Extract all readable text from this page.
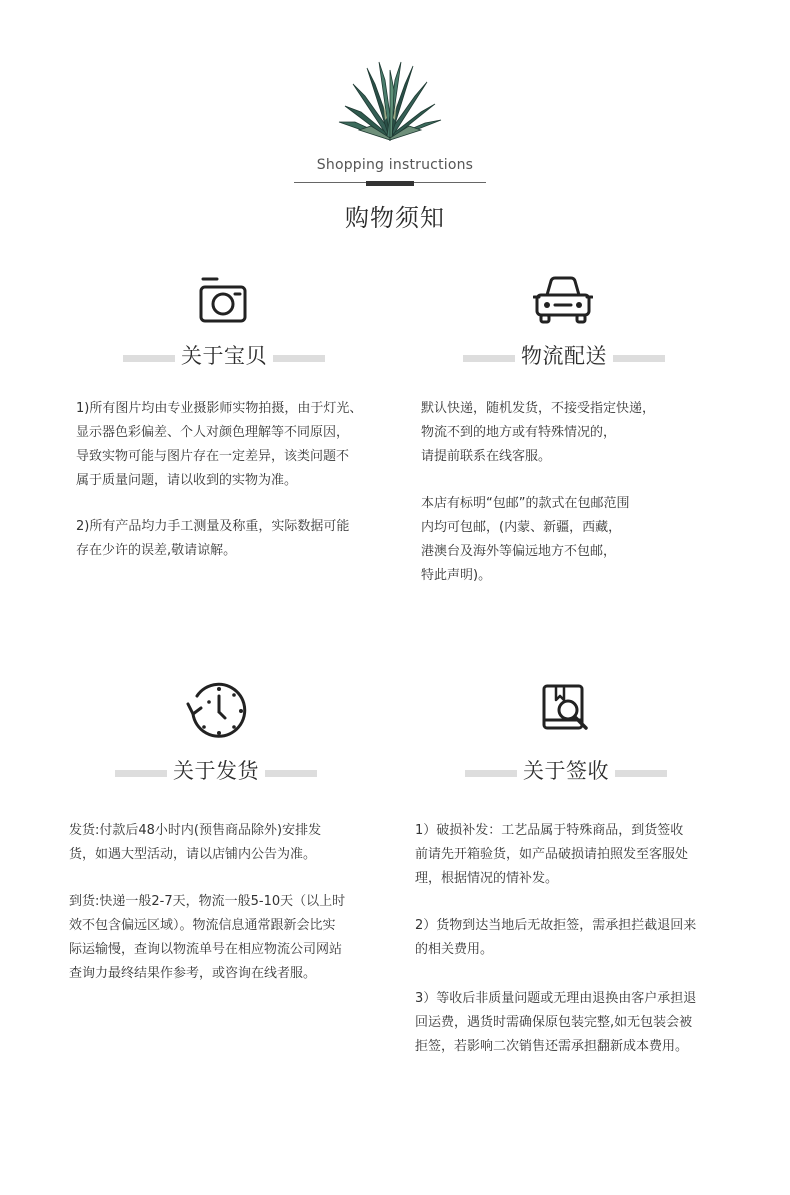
Shopping instructions
购物须知
关于宝贝
1)所有图片均由专业摄影师实物拍摄，由于灯光、
显示器色彩偏差、个人对颜色理解等不同原因，
导致实物可能与图片存在一定差异，该类问题不
属于质量问题，请以收到的实物为准。
2)所有产品均力手工测量及称重，实际数据可能
存在少许的误差,敬请谅解。
物流配送
默认快递，随机发货，不接受指定快递，
物流不到的地方或有特殊情况的，
请提前联系在线客服。
本店有标明“包邮”的款式在包邮范围
内均可包邮，(内蒙、新疆，西藏，
港澳台及海外等偏远地方不包邮，
特此声明)。
关于发货
发货:付款后48小时内(预售商品除外)安排发
货，如遇大型活动，请以店铺内公告为准。
到货:快递一般2-7天，物流一般5-10天（以上时
效不包含偏远区域）。物流信息通常跟新会比实
际运输慢，查询以物流单号在相应物流公司网站
查询力最终结果作参考，或咨询在线者服。
关于签收
1）破损补发：工艺品属于特殊商品，到货签收
前请先开箱验货，如产品破损请拍照发至客服处
理，根据情况的情补发。
2）货物到达当地后无故拒签，需承担拦截退回来
的相关费用。
3）等收后非质量问题或无理由退换由客户承担退
回运费，遇货时需确保原包装完整,如无包装会被
拒签，若影响二次销售还需承担翻新成本费用。
